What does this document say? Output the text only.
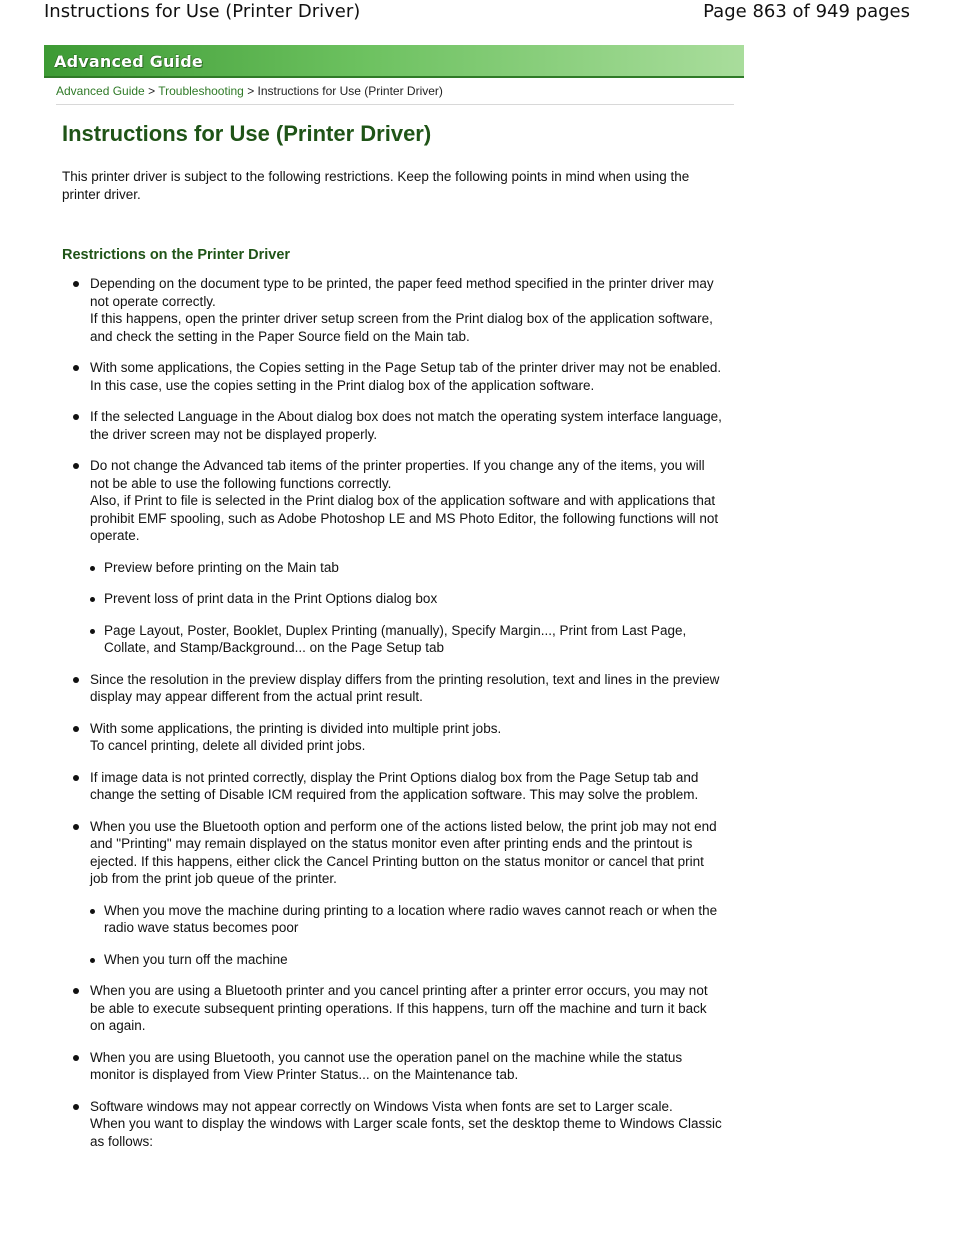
Instructions for Use (Printer Driver)	Page 863 of 949 pages
Advanced Guide
Advanced Guide > Troubleshooting > Instructions for Use (Printer Driver)
Instructions for Use (Printer Driver)

This printer driver is subject to the following restrictions. Keep the following points in mind when using the printer driver.

Restrictions on the Printer Driver
Depending on the document type to be printed, the paper feed method specified in the printer driver may not operate correctly.
If this happens, open the printer driver setup screen from the Print dialog box of the application software, and check the setting in the Paper Source field on the Main tab.
With some applications, the Copies setting in the Page Setup tab of the printer driver may not be enabled.
In this case, use the copies setting in the Print dialog box of the application software.
If the selected Language in the About dialog box does not match the operating system interface language, the driver screen may not be displayed properly.
Do not change the Advanced tab items of the printer properties. If you change any of the items, you will not be able to use the following functions correctly.
Also, if Print to file is selected in the Print dialog box of the application software and with applications that prohibit EMF spooling, such as Adobe Photoshop LE and MS Photo Editor, the following functions will not operate.
Preview before printing on the Main tab
Prevent loss of print data in the Print Options dialog box
Page Layout, Poster, Booklet, Duplex Printing (manually), Specify Margin..., Print from Last Page, Collate, and Stamp/Background... on the Page Setup tab
Since the resolution in the preview display differs from the printing resolution, text and lines in the preview display may appear different from the actual print result.
With some applications, the printing is divided into multiple print jobs.
To cancel printing, delete all divided print jobs.
If image data is not printed correctly, display the Print Options dialog box from the Page Setup tab and change the setting of Disable ICM required from the application software. This may solve the problem.
When you use the Bluetooth option and perform one of the actions listed below, the print job may not end and "Printing" may remain displayed on the status monitor even after printing ends and the printout is ejected. If this happens, either click the Cancel Printing button on the status monitor or cancel that print job from the print job queue of the printer.
When you move the machine during printing to a location where radio waves cannot reach or when the radio wave status becomes poor
When you turn off the machine
When you are using a Bluetooth printer and you cancel printing after a printer error occurs, you may not be able to execute subsequent printing operations. If this happens, turn off the machine and turn it back on again.
When you are using Bluetooth, you cannot use the operation panel on the machine while the status monitor is displayed from View Printer Status... on the Maintenance tab.
Software windows may not appear correctly on Windows Vista when fonts are set to Larger scale.
When you want to display the windows with Larger scale fonts, set the desktop theme to Windows Classic as follows:
